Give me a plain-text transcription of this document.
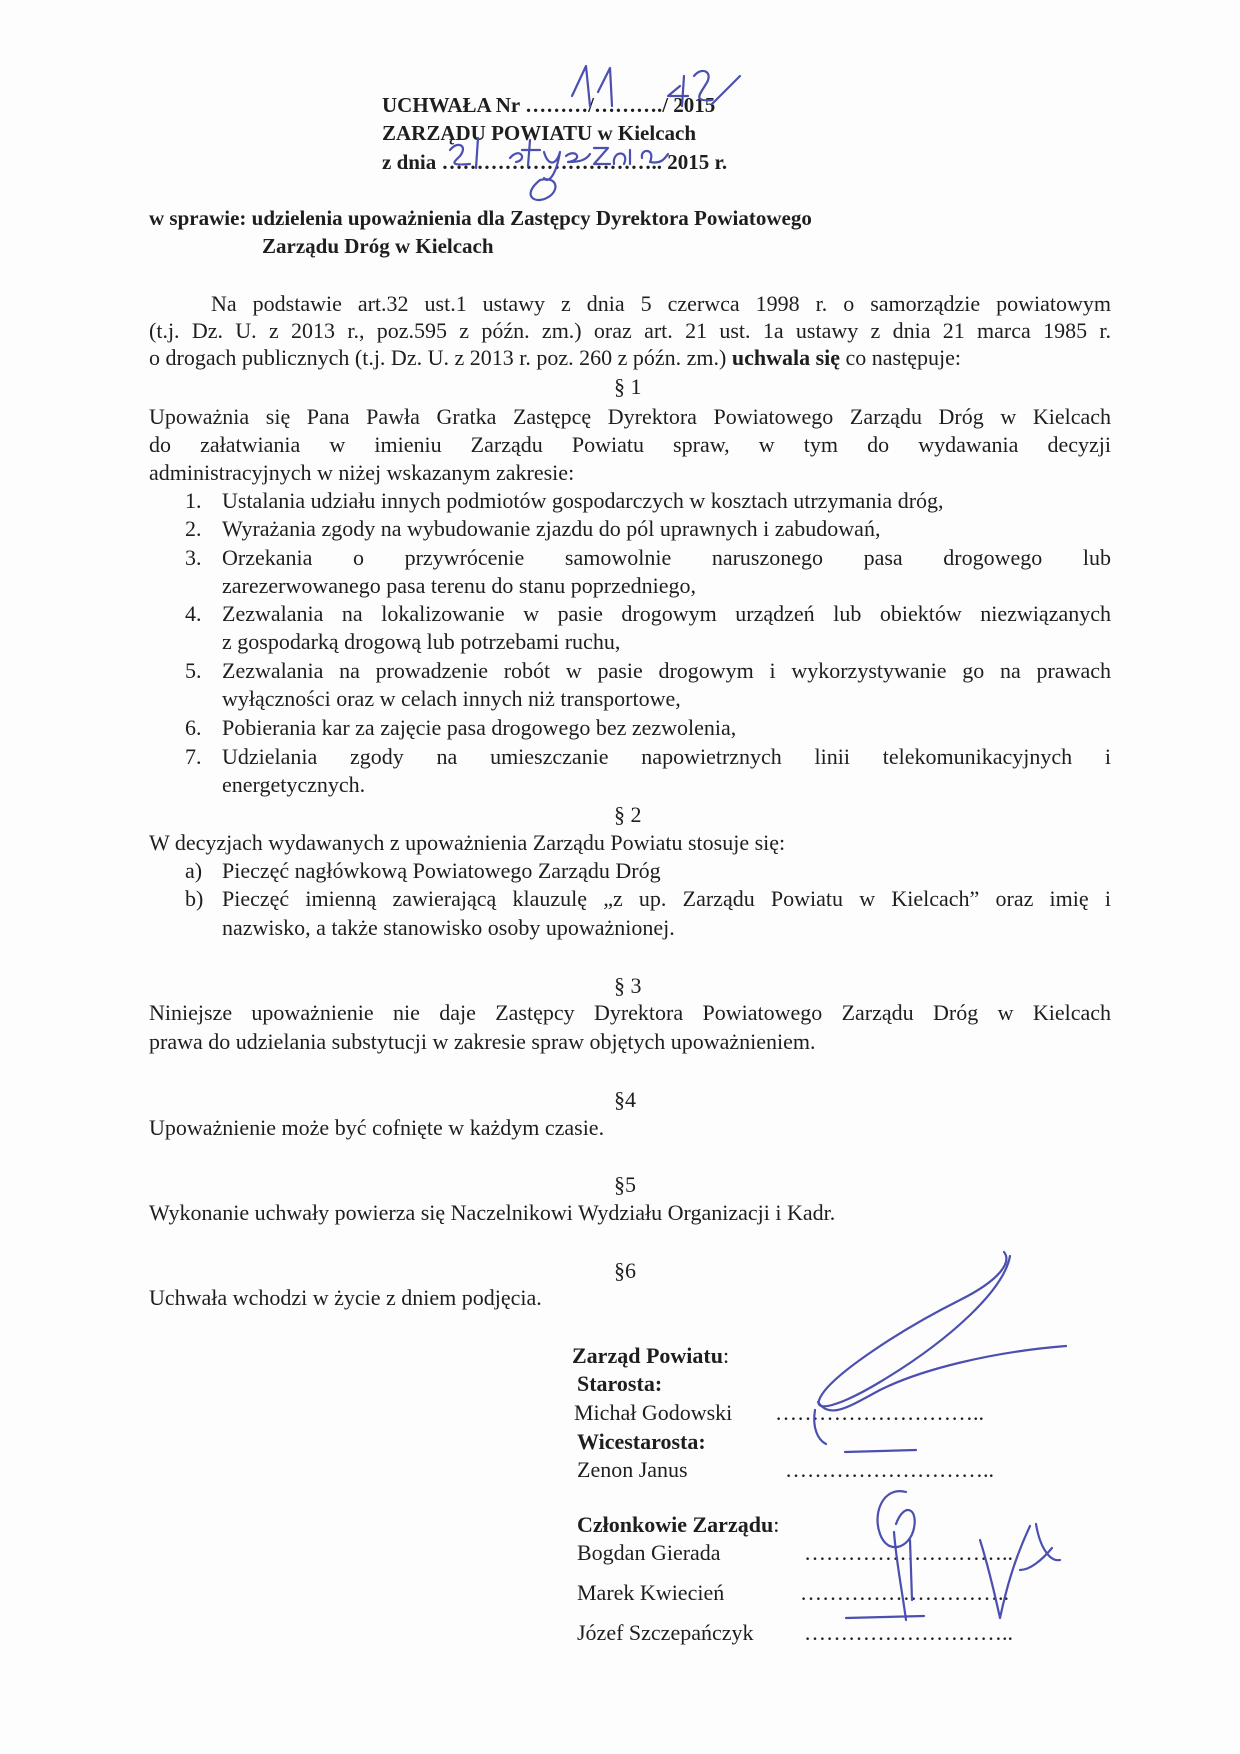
UCHWAŁA Nr ………/………./ 2015
ZARZĄDU POWIATU w Kielcach
z dnia ………………………….. 2015 r.
w sprawie: udzielenia upoważnienia dla Zastępcy Dyrektora Powiatowego
Zarządu Dróg w Kielcach
Na podstawie art.32 ust.1 ustawy z dnia 5 czerwca 1998 r. o samorządzie powiatowym
(t.j. Dz. U. z 2013 r., poz.595 z późn. zm.) oraz art. 21 ust. 1a ustawy z dnia 21 marca 1985 r.
o drogach publicznych (t.j. Dz. U. z 2013 r. poz. 260 z późn. zm.) uchwala się co następuje:
§ 1
Upoważnia się Pana Pawła Gratka Zastępcę Dyrektora Powiatowego Zarządu Dróg w Kielcach
do załatwiania w imieniu Zarządu Powiatu spraw, w tym do wydawania decyzji
administracyjnych w niżej wskazanym zakresie:
1. Ustalania udziału innych podmiotów gospodarczych w kosztach utrzymania dróg,
2. Wyrażania zgody na wybudowanie zjazdu do pól uprawnych i zabudowań,
3. Orzekania o przywrócenie samowolnie naruszonego pasa drogowego lub
zarezerwowanego pasa terenu do stanu poprzedniego,
4. Zezwalania na lokalizowanie w pasie drogowym urządzeń lub obiektów niezwiązanych
z gospodarką drogową lub potrzebami ruchu,
5. Zezwalania na prowadzenie robót w pasie drogowym i wykorzystywanie go na prawach
wyłączności oraz w celach innych niż transportowe,
6. Pobierania kar za zajęcie pasa drogowego bez zezwolenia,
7. Udzielania zgody na umieszczanie napowietrznych linii telekomunikacyjnych i
energetycznych.
§ 2
W decyzjach wydawanych z upoważnienia Zarządu Powiatu stosuje się:
a) Pieczęć nagłówkową Powiatowego Zarządu Dróg
b) Pieczęć imienną zawierającą klauzulę „z up. Zarządu Powiatu w Kielcach” oraz imię i
nazwisko, a także stanowisko osoby upoważnionej.
§ 3
Niniejsze upoważnienie nie daje Zastępcy Dyrektora Powiatowego Zarządu Dróg w Kielcach
prawa do udzielania substytucji w zakresie spraw objętych upoważnieniem.
§4
Upoważnienie może być cofnięte w każdym czasie.
§5
Wykonanie uchwały powierza się Naczelnikowi Wydziału Organizacji i Kadr.
§6
Uchwała wchodzi w życie z dniem podjęcia.
Zarząd Powiatu:
Starosta:
Michał Godowski ………………………..
Wicestarosta:
Zenon Janus	………………………..
Członkowie Zarządu:
Bogdan Gierada	………………………..
Marek Kwiecień	………………………..
Józef Szczepańczyk ………………………..
